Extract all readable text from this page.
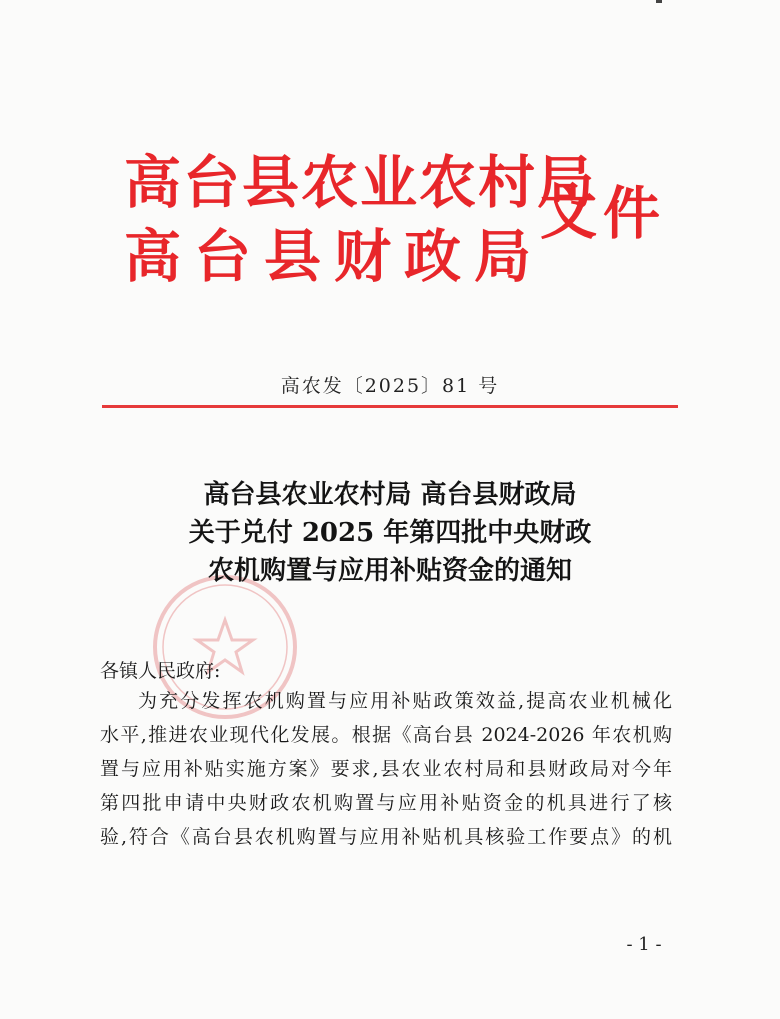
高台县农业农村局
高台县财政局
文件
高农发〔2025〕81 号
高台县农业农村局 高台县财政局
关于兑付 2025 年第四批中央财政
农机购置与应用补贴资金的通知
各镇人民政府:
为充分发挥农机购置与应用补贴政策效益,提高农业机械化
水平,推进农业现代化发展。根据《高台县 2024-2026 年农机购
置与应用补贴实施方案》要求,县农业农村局和县财政局对今年
第四批申请中央财政农机购置与应用补贴资金的机具进行了核
验,符合《高台县农机购置与应用补贴机具核验工作要点》的机
- 1 -
